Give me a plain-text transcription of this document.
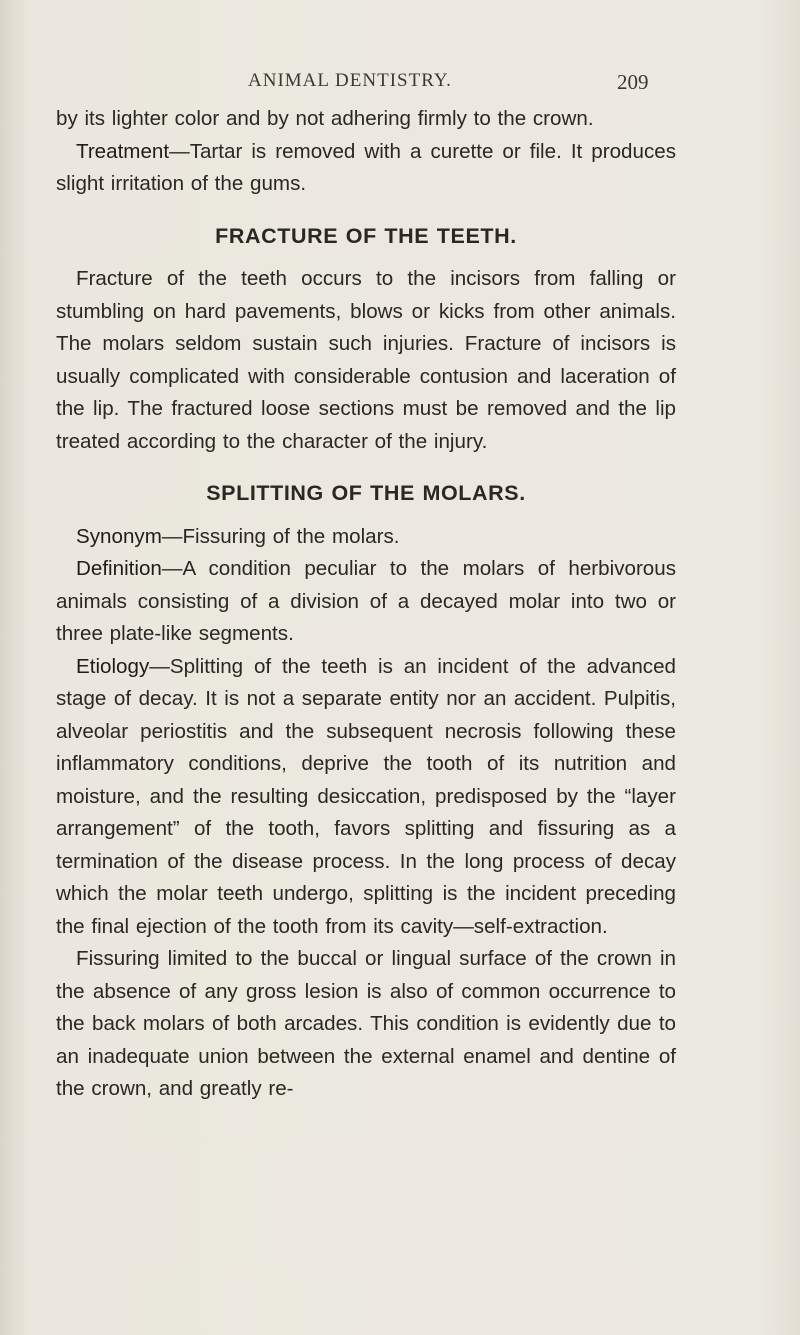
ANIMAL DENTISTRY.	209

by its lighter color and by not adhering firmly to the crown.

Treatment—Tartar is removed with a curette or file. It produces slight irritation of the gums.

FRACTURE OF THE TEETH.

Fracture of the teeth occurs to the incisors from falling or stumbling on hard pavements, blows or kicks from other animals. The molars seldom sustain such injuries. Fracture of incisors is usually complicated with considerable contusion and laceration of the lip. The fractured loose sections must be removed and the lip treated according to the character of the injury.

SPLITTING OF THE MOLARS.

Synonym—Fissuring of the molars.

Definition—A condition peculiar to the molars of herbivorous animals consisting of a division of a decayed molar into two or three plate-like segments.

Etiology—Splitting of the teeth is an incident of the advanced stage of decay. It is not a separate entity nor an accident. Pulpitis, alveolar periostitis and the subsequent necrosis following these inflammatory conditions, deprive the tooth of its nutrition and moisture, and the resulting desiccation, predisposed by the “layer arrangement” of the tooth, favors splitting and fissuring as a termination of the disease process. In the long process of decay which the molar teeth undergo, splitting is the incident preceding the final ejection of the tooth from its cavity—self-extraction.

Fissuring limited to the buccal or lingual surface of the crown in the absence of any gross lesion is also of common occurrence to the back molars of both arcades. This condition is evidently due to an inadequate union between the external enamel and dentine of the crown, and greatly re-
